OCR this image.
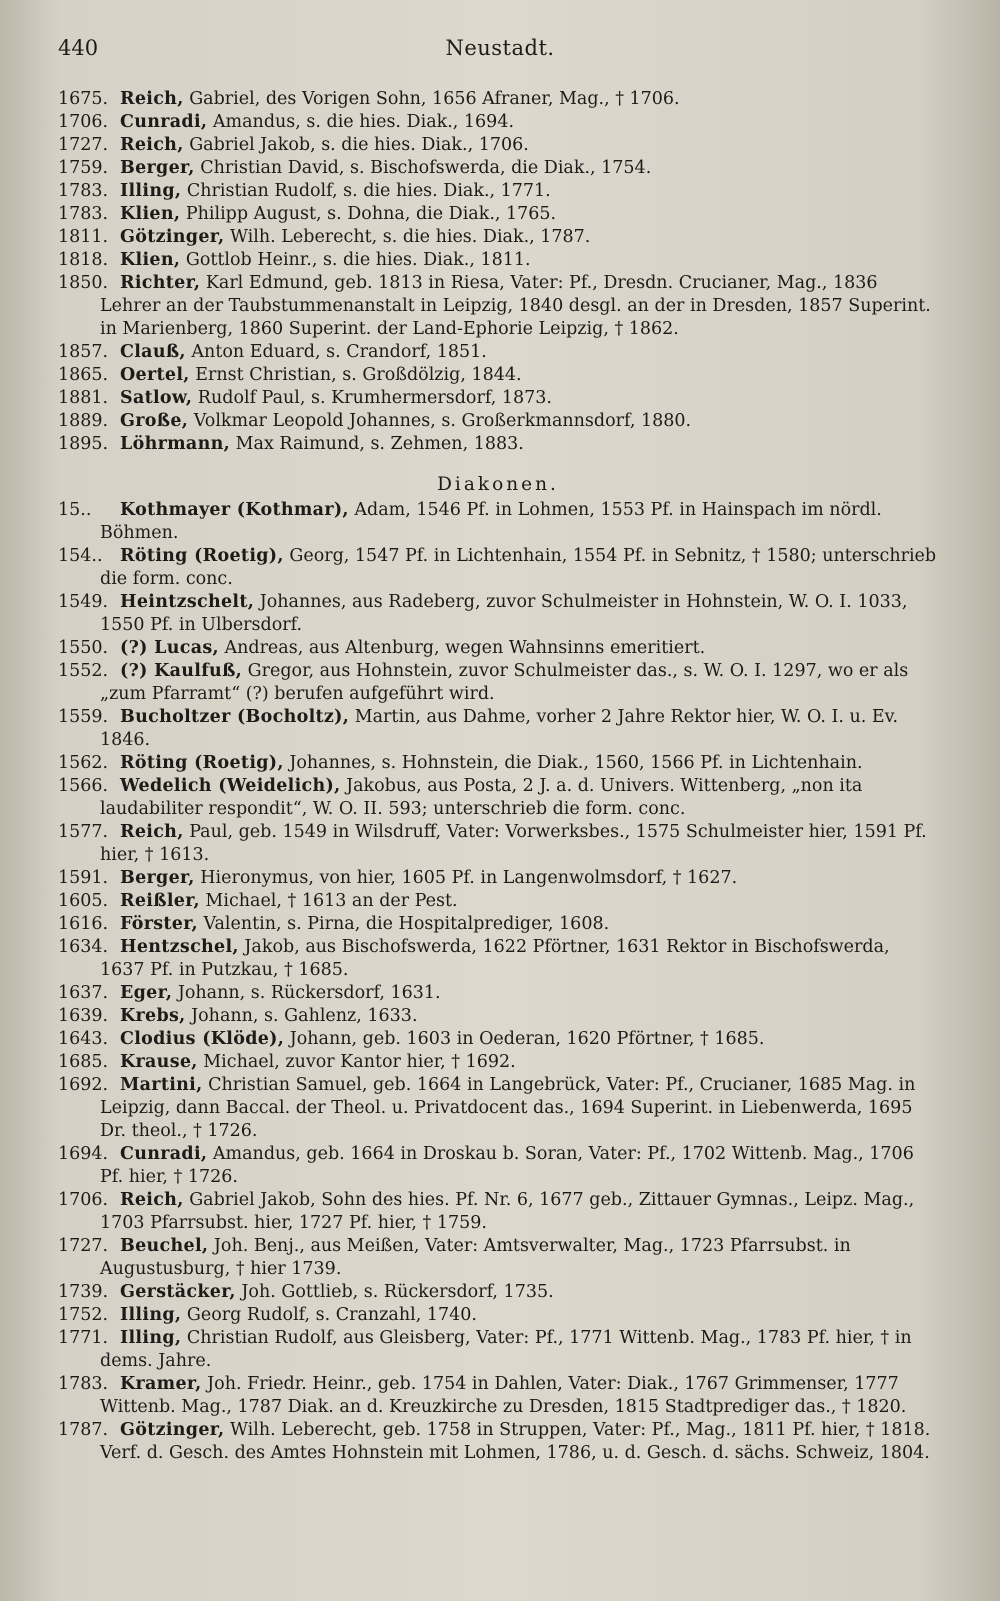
440	Neustadt.

1675. Reich, Gabriel, des Vorigen Sohn, 1656 Afraner, Mag., † 1706.

1706. Cunradi, Amandus, s. die hies. Diak., 1694.

1727. Reich, Gabriel Jakob, s. die hies. Diak., 1706.

1759. Berger, Christian David, s. Bischofswerda, die Diak., 1754.

1783. Illing, Christian Rudolf, s. die hies. Diak., 1771.

1783. Klien, Philipp August, s. Dohna, die Diak., 1765.

1811. Götzinger, Wilh. Leberecht, s. die hies. Diak., 1787.

1818. Klien, Gottlob Heinr., s. die hies. Diak., 1811.

1850. Richter, Karl Edmund, geb. 1813 in Riesa, Vater: Pf., Dresdn. Crucianer, Mag., 1836 Lehrer an der Taubstummenanstalt in Leipzig, 1840 desgl. an der in Dresden, 1857 Superint. in Marienberg, 1860 Superint. der Land-Ephorie Leipzig, † 1862.

1857. Clauß, Anton Eduard, s. Crandorf, 1851.

1865. Oertel, Ernst Christian, s. Großdölzig, 1844.

1881. Satlow, Rudolf Paul, s. Krumhermersdorf, 1873.

1889. Große, Volkmar Leopold Johannes, s. Großerkmannsdorf, 1880.

1895. Löhrmann, Max Raimund, s. Zehmen, 1883.

Diakonen.

15.. Kothmayer (Kothmar), Adam, 1546 Pf. in Lohmen, 1553 Pf. in Hainspach im nördl. Böhmen.

154.. Röting (Roetig), Georg, 1547 Pf. in Lichtenhain, 1554 Pf. in Sebnitz, † 1580; unterschrieb die form. conc.

1549. Heintzschelt, Johannes, aus Radeberg, zuvor Schulmeister in Hohnstein, W. O. I. 1033, 1550 Pf. in Ulbersdorf.

1550. (?) Lucas, Andreas, aus Altenburg, wegen Wahnsinns emeritiert.

1552. (?) Kaulfuß, Gregor, aus Hohnstein, zuvor Schulmeister das., s. W. O. I. 1297, wo er als „zum Pfarramt“ (?) berufen aufgeführt wird.

1559. Bucholtzer (Bocholtz), Martin, aus Dahme, vorher 2 Jahre Rektor hier, W. O. I. u. Ev. 1846.

1562. Röting (Roetig), Johannes, s. Hohnstein, die Diak., 1560, 1566 Pf. in Lichtenhain.

1566. Wedelich (Weidelich), Jakobus, aus Posta, 2 J. a. d. Univers. Wittenberg, „non ita laudabiliter respondit“, W. O. II. 593; unterschrieb die form. conc.

1577. Reich, Paul, geb. 1549 in Wilsdruff, Vater: Vorwerksbes., 1575 Schulmeister hier, 1591 Pf. hier, † 1613.

1591. Berger, Hieronymus, von hier, 1605 Pf. in Langenwolmsdorf, † 1627.

1605. Reißler, Michael, † 1613 an der Pest.

1616. Förster, Valentin, s. Pirna, die Hospitalprediger, 1608.

1634. Hentzschel, Jakob, aus Bischofswerda, 1622 Pförtner, 1631 Rektor in Bischofswerda, 1637 Pf. in Putzkau, † 1685.

1637. Eger, Johann, s. Rückersdorf, 1631.

1639. Krebs, Johann, s. Gahlenz, 1633.

1643. Clodius (Klöde), Johann, geb. 1603 in Oederan, 1620 Pförtner, † 1685.

1685. Krause, Michael, zuvor Kantor hier, † 1692.

1692. Martini, Christian Samuel, geb. 1664 in Langebrück, Vater: Pf., Crucianer, 1685 Mag. in Leipzig, dann Baccal. der Theol. u. Privatdocent das., 1694 Superint. in Liebenwerda, 1695 Dr. theol., † 1726.

1694. Cunradi, Amandus, geb. 1664 in Droskau b. Soran, Vater: Pf., 1702 Wittenb. Mag., 1706 Pf. hier, † 1726.

1706. Reich, Gabriel Jakob, Sohn des hies. Pf. Nr. 6, 1677 geb., Zittauer Gymnas., Leipz. Mag., 1703 Pfarrsubst. hier, 1727 Pf. hier, † 1759.

1727. Beuchel, Joh. Benj., aus Meißen, Vater: Amtsverwalter, Mag., 1723 Pfarrsubst. in Augustusburg, † hier 1739.

1739. Gerstäcker, Joh. Gottlieb, s. Rückersdorf, 1735.

1752. Illing, Georg Rudolf, s. Cranzahl, 1740.

1771. Illing, Christian Rudolf, aus Gleisberg, Vater: Pf., 1771 Wittenb. Mag., 1783 Pf. hier, † in dems. Jahre.

1783. Kramer, Joh. Friedr. Heinr., geb. 1754 in Dahlen, Vater: Diak., 1767 Grimmenser, 1777 Wittenb. Mag., 1787 Diak. an d. Kreuzkirche zu Dresden, 1815 Stadtprediger das., † 1820.

1787. Götzinger, Wilh. Leberecht, geb. 1758 in Struppen, Vater: Pf., Mag., 1811 Pf. hier, † 1818. Verf. d. Gesch. des Amtes Hohnstein mit Lohmen, 1786, u. d. Gesch. d. sächs. Schweiz, 1804.
